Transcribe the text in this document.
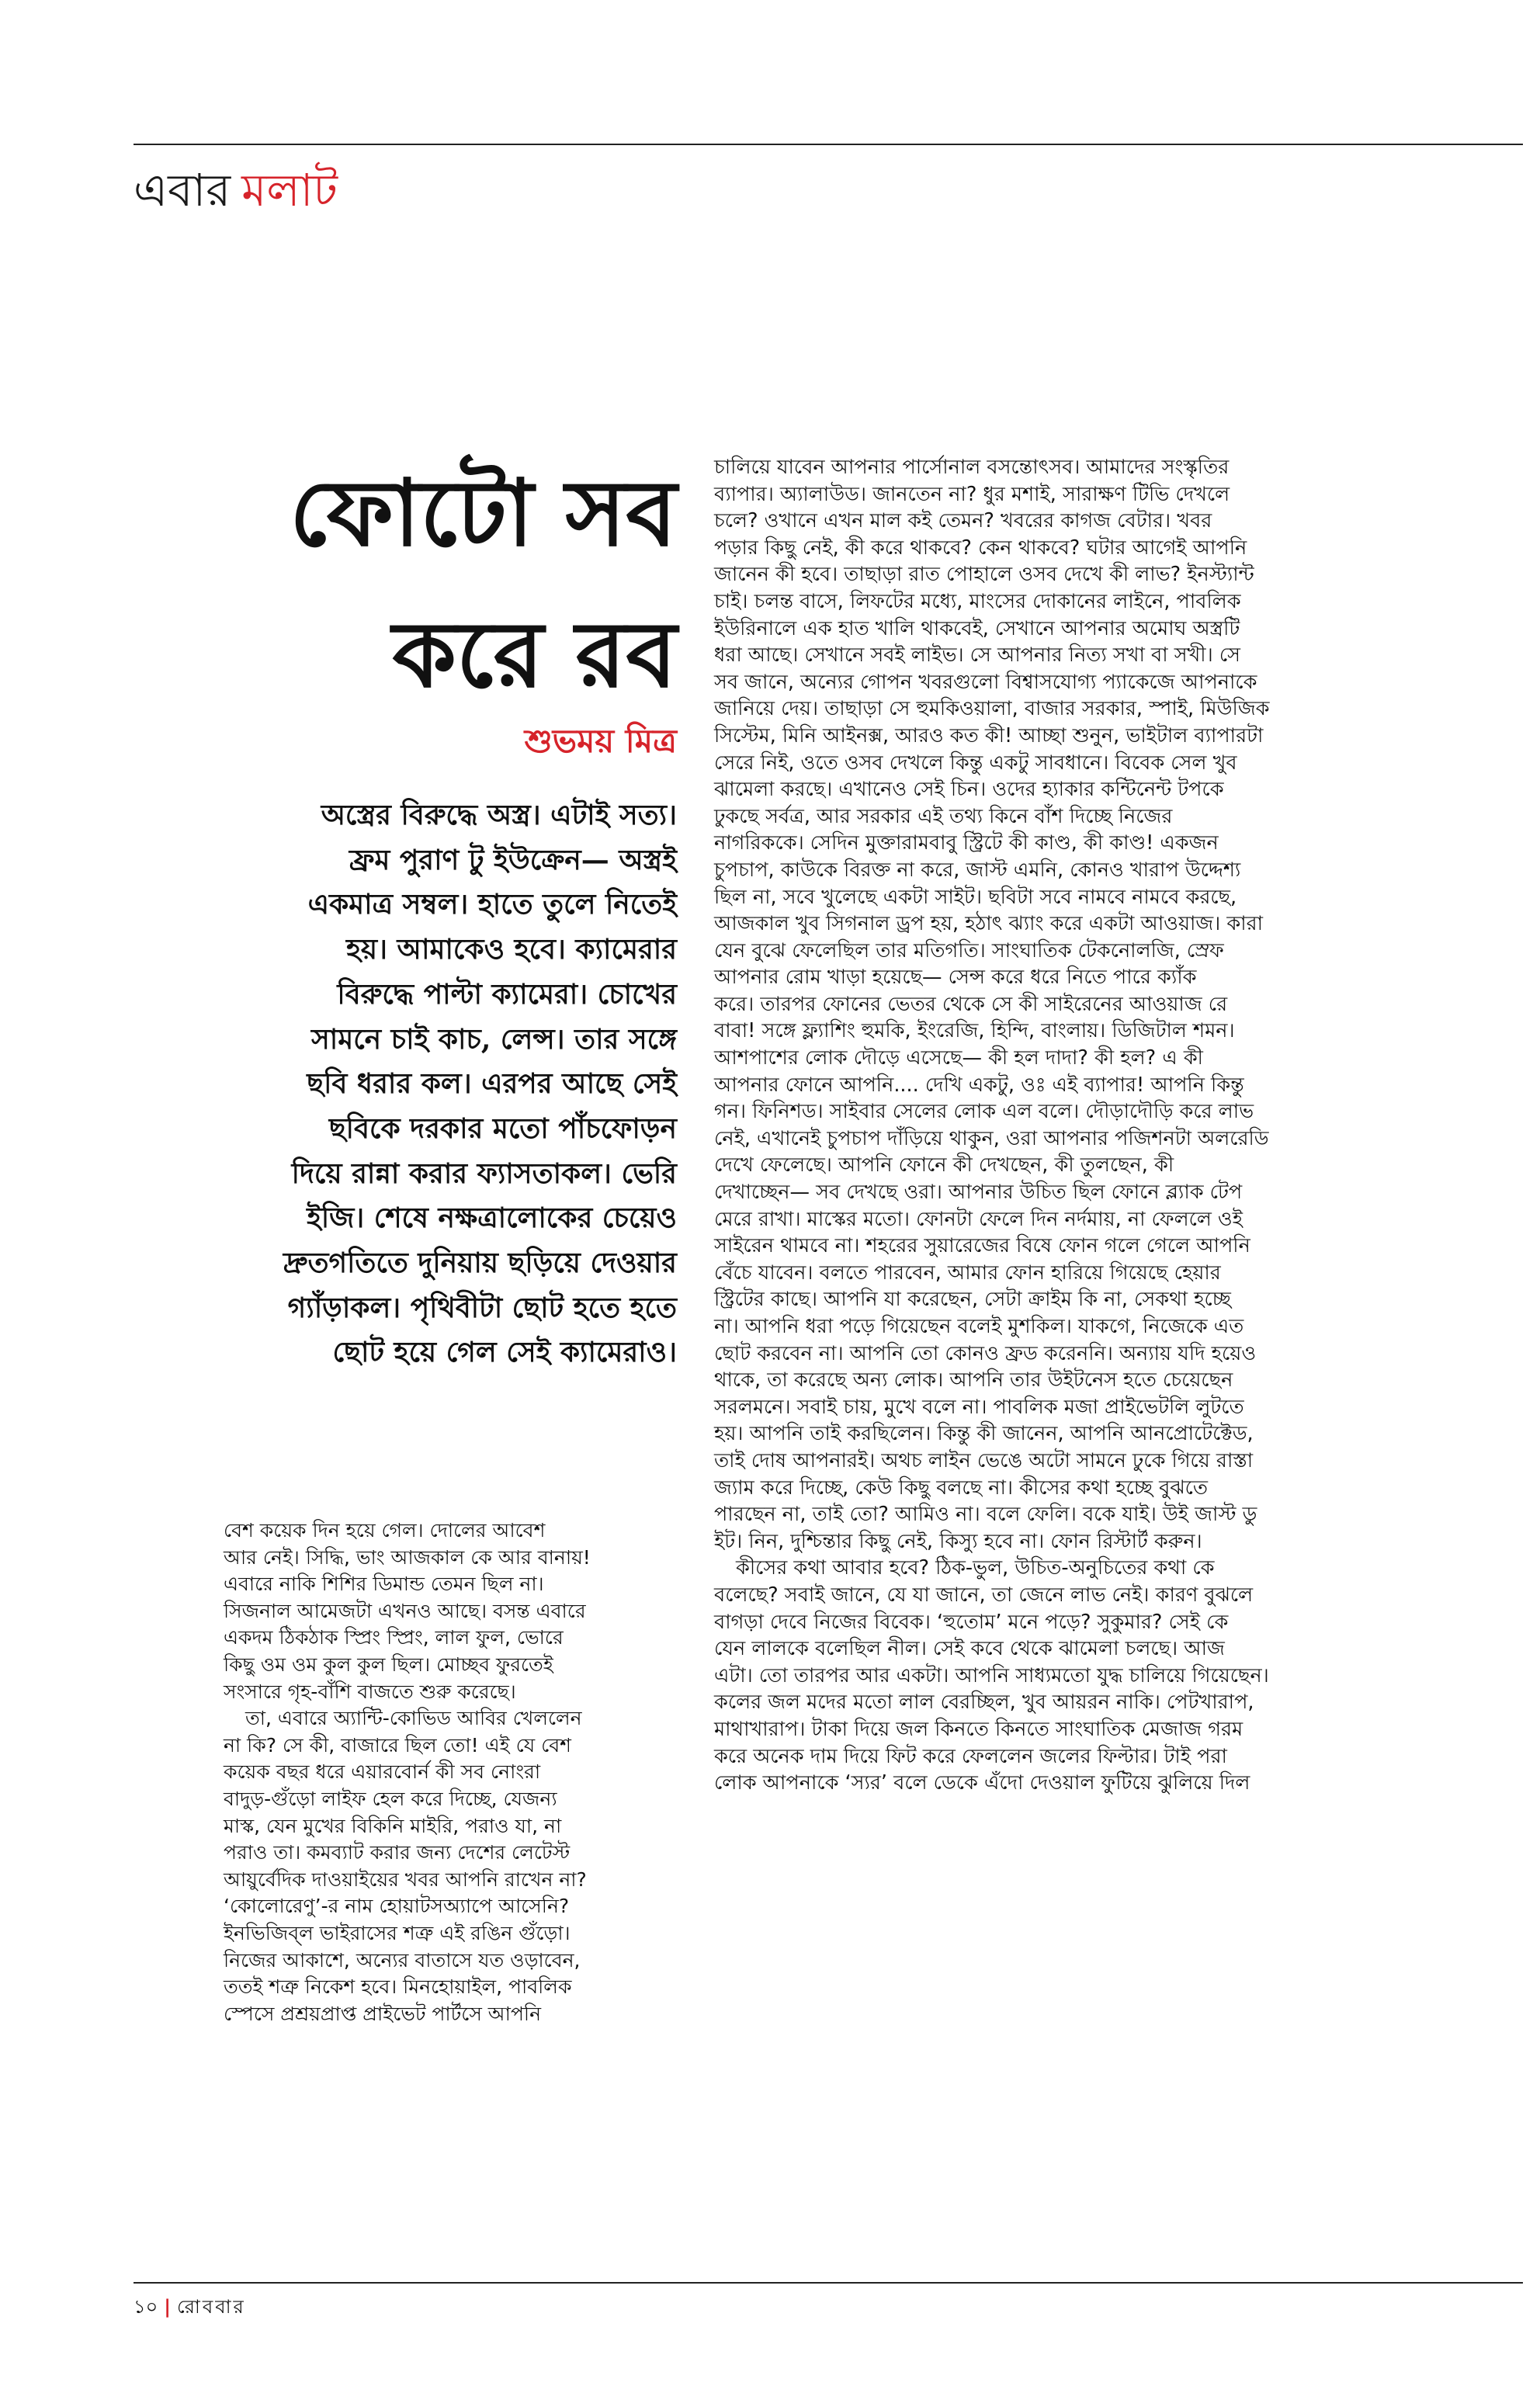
এবার মলাট
ফোটো সব
করে রব
শুভময় মিত্র
অস্ত্রের বিরুদ্ধে অস্ত্র। এটাই সত্য।
ফ্রম পুরাণ টু ইউক্রেন— অস্ত্রই
একমাত্র সম্বল। হাতে তুলে নিতেই
হয়। আমাকেও হবে। ক্যামেরার
বিরুদ্ধে পাল্টা ক্যামেরা। চোখের
সামনে চাই কাচ, লেন্স। তার সঙ্গে
ছবি ধরার কল। এরপর আছে সেই
ছবিকে দরকার মতো পাঁচফোড়ন
দিয়ে রান্না করার ফ্যাসতাকল। ভেরি
ইজি। শেষে নক্ষত্রালোকের চেয়েও
দ্রুতগতিতে দুনিয়ায় ছড়িয়ে দেওয়ার
গ্যাঁড়াকল। পৃথিবীটা ছোট হতে হতে
ছোট হয়ে গেল সেই ক্যামেরাও।
বেশ কয়েক দিন হয়ে গেল। দোলের আবেশ
আর নেই। সিদ্ধি, ভাং আজকাল কে আর বানায়!
এবারে নাকি শিশির ডিমান্ড তেমন ছিল না।
সিজনাল আমেজটা এখনও আছে। বসন্ত এবারে
একদম ঠিকঠাক স্প্রিং স্প্রিং, লাল ফুল, ভোরে
কিছু ওম ওম কুল কুল ছিল। মোচ্ছব ফুরতেই
সংসারে গৃহ-বাঁশি বাজতে শুরু করেছে।
তা, এবারে অ্যান্টি-কোভিড আবির খেললেন
না কি? সে কী, বাজারে ছিল তো! এই যে বেশ
কয়েক বছর ধরে এয়ারবোর্ন কী সব নোংরা
বাদুড়-গুঁড়ো লাইফ হেল করে দিচ্ছে, যেজন্য
মাস্ক, যেন মুখের বিকিনি মাইরি, পরাও যা, না
পরাও তা। কমব্যাট করার জন্য দেশের লেটেস্ট
আয়ুর্বেদিক দাওয়াইয়ের খবর আপনি রাখেন না?
‘কোলোরেণু’-র নাম হোয়াটসঅ্যাপে আসেনি?
ইনভিজিব্‌ল ভাইরাসের শত্রু এই রঙিন গুঁড়ো।
নিজের আকাশে, অন্যের বাতাসে যত ওড়াবেন,
ততই শত্রু নিকেশ হবে। মিনহোয়াইল, পাবলিক
স্পেসে প্রশ্রয়প্রাপ্ত প্রাইভেট পার্টসে আপনি
চালিয়ে যাবেন আপনার পার্সোনাল বসন্তোৎসব। আমাদের সংস্কৃতির
ব্যাপার। অ্যালাউড। জানতেন না? ধুর মশাই, সারাক্ষণ টিভি দেখলে
চলে? ওখানে এখন মাল কই তেমন? খবরের কাগজ বেটার। খবর
পড়ার কিছু নেই, কী করে থাকবে? কেন থাকবে? ঘটার আগেই আপনি
জানেন কী হবে। তাছাড়া রাত পোহালে ওসব দেখে কী লাভ? ইনস্ট্যান্ট
চাই। চলন্ত বাসে, লিফটের মধ্যে, মাংসের দোকানের লাইনে, পাবলিক
ইউরিনালে এক হাত খালি থাকবেই, সেখানে আপনার অমোঘ অস্ত্রটি
ধরা আছে। সেখানে সবই লাইভ। সে আপনার নিত্য সখা বা সখী। সে
সব জানে, অন্যের গোপন খবরগুলো বিশ্বাসযোগ্য প্যাকেজে আপনাকে
জানিয়ে দেয়। তাছাড়া সে হুমকিওয়ালা, বাজার সরকার, স্পাই, মিউজিক
সিস্টেম, মিনি আইনক্স, আরও কত কী! আচ্ছা শুনুন, ভাইটাল ব্যাপারটা
সেরে নিই, ওতে ওসব দেখলে কিন্তু একটু সাবধানে। বিবেক সেল খুব
ঝামেলা করছে। এখানেও সেই চিন। ওদের হ্যাকার কন্টিনেন্ট টপকে
ঢুকছে সর্বত্র, আর সরকার এই তথ্য কিনে বাঁশ দিচ্ছে নিজের
নাগরিককে। সেদিন মুক্তারামবাবু স্ট্রিটে কী কাণ্ড, কী কাণ্ড! একজন
চুপচাপ, কাউকে বিরক্ত না করে, জাস্ট এমনি, কোনও খারাপ উদ্দেশ্য
ছিল না, সবে খুলেছে একটা সাইট। ছবিটা সবে নামবে নামবে করছে,
আজকাল খুব সিগনাল ড্রপ হয়, হঠাৎ ঝ্যাং করে একটা আওয়াজ। কারা
যেন বুঝে ফেলেছিল তার মতিগতি। সাংঘাতিক টেকনোলজি, স্রেফ
আপনার রোম খাড়া হয়েছে— সেন্স করে ধরে নিতে পারে ক্যাঁক
করে। তারপর ফোনের ভেতর থেকে সে কী সাইরেনের আওয়াজ রে
বাবা! সঙ্গে ফ্ল্যাশিং হুমকি, ইংরেজি, হিন্দি, বাংলায়। ডিজিটাল শমন।
আশপাশের লোক দৌড়ে এসেছে— কী হল দাদা? কী হল? এ কী
আপনার ফোনে আপনি.... দেখি একটু, ওঃ এই ব্যাপার! আপনি কিন্তু
গন। ফিনিশড। সাইবার সেলের লোক এল বলে। দৌড়াদৌড়ি করে লাভ
নেই, এখানেই চুপচাপ দাঁড়িয়ে থাকুন, ওরা আপনার পজিশনটা অলরেডি
দেখে ফেলেছে। আপনি ফোনে কী দেখছেন, কী তুলছেন, কী
দেখাচ্ছেন— সব দেখছে ওরা। আপনার উচিত ছিল ফোনে ব্ল্যাক টেপ
মেরে রাখা। মাস্কের মতো। ফোনটা ফেলে দিন নর্দমায়, না ফেললে ওই
সাইরেন থামবে না। শহরের সুয়ারেজের বিষে ফোন গলে গেলে আপনি
বেঁচে যাবেন। বলতে পারবেন, আমার ফোন হারিয়ে গিয়েছে হেয়ার
স্ট্রিটের কাছে। আপনি যা করেছেন, সেটা ক্রাইম কি না, সেকথা হচ্ছে
না। আপনি ধরা পড়ে গিয়েছেন বলেই মুশকিল। যাকগে, নিজেকে এত
ছোট করবেন না। আপনি তো কোনও ফ্রড করেননি। অন্যায় যদি হয়েও
থাকে, তা করেছে অন্য লোক। আপনি তার উইটনেস হতে চেয়েছেন
সরলমনে। সবাই চায়, মুখে বলে না। পাবলিক মজা প্রাইভেটলি লুটতে
হয়। আপনি তাই করছিলেন। কিন্তু কী জানেন, আপনি আনপ্রোটেক্টেড,
তাই দোষ আপনারই। অথচ লাইন ভেঙে অটো সামনে ঢুকে গিয়ে রাস্তা
জ্যাম করে দিচ্ছে, কেউ কিছু বলছে না। কীসের কথা হচ্ছে বুঝতে
পারছেন না, তাই তো? আমিও না। বলে ফেলি। বকে যাই। উই জাস্ট ডু
ইট। নিন, দুশ্চিন্তার কিছু নেই, কিস্যু হবে না। ফোন রিস্টার্ট করুন।
কীসের কথা আবার হবে? ঠিক-ভুল, উচিত-অনুচিতের কথা কে
বলেছে? সবাই জানে, যে যা জানে, তা জেনে লাভ নেই। কারণ বুঝলে
বাগড়া দেবে নিজের বিবেক। ‘হুতোম’ মনে পড়ে? সুকুমার? সেই কে
যেন লালকে বলেছিল নীল। সেই কবে থেকে ঝামেলা চলছে। আজ
এটা। তো তারপর আর একটা। আপনি সাধ্যমতো যুদ্ধ চালিয়ে গিয়েছেন।
কলের জল মদের মতো লাল বেরচ্ছিল, খুব আয়রন নাকি। পেটখারাপ,
মাথাখারাপ। টাকা দিয়ে জল কিনতে কিনতে সাংঘাতিক মেজাজ গরম
করে অনেক দাম দিয়ে ফিট করে ফেললেন জলের ফিল্টার। টাই পরা
লোক আপনাকে ‘স্যর’ বলে ডেকে এঁদো দেওয়াল ফুটিয়ে ঝুলিয়ে দিল
১০ | রোববার
